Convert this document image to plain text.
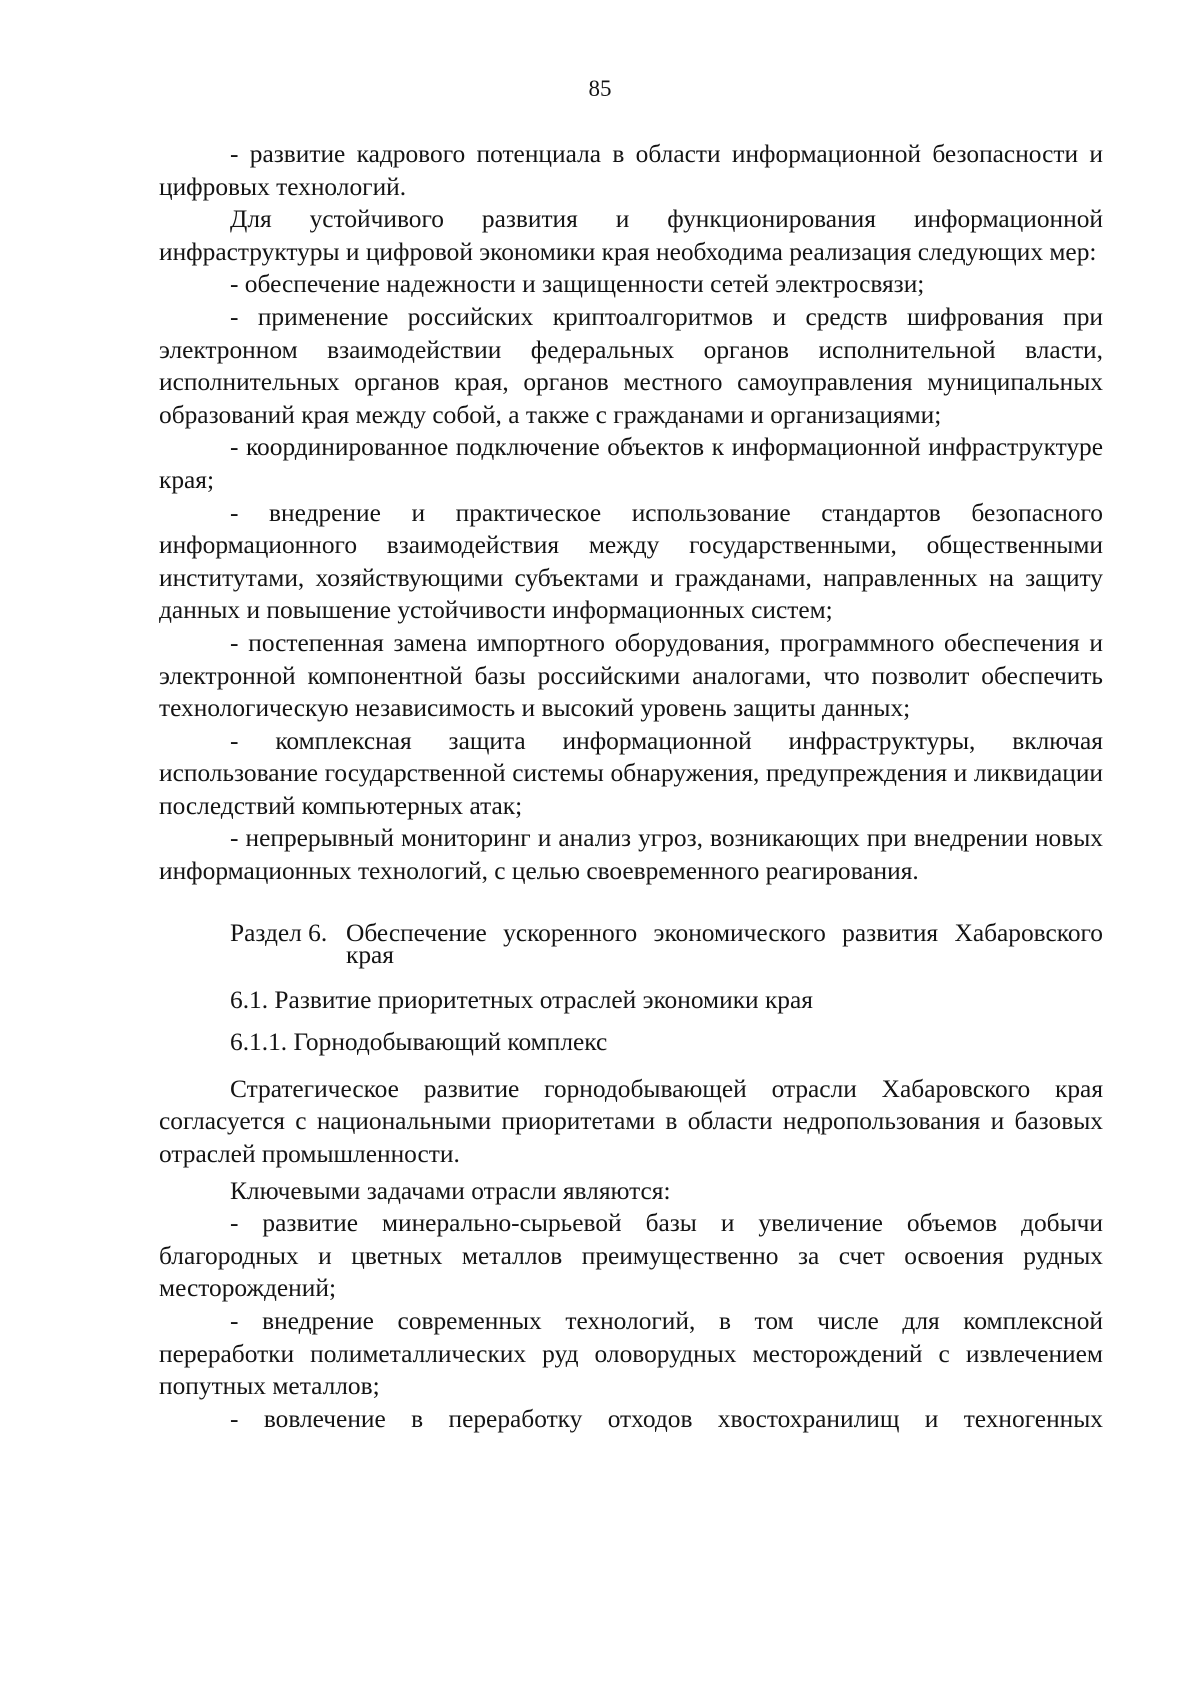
85

- развитие кадрового потенциала в области информационной безопасности и цифровых технологий.

Для устойчивого развития и функционирования информационной инфраструктуры и цифровой экономики края необходима реализация следующих мер:

- обеспечение надежности и защищенности сетей электросвязи;

- применение российских криптоалгоритмов и средств шифрования при электронном взаимодействии федеральных органов исполнительной власти, исполнительных органов края, органов местного самоуправления муниципальных образований края между собой, а также с гражданами и организациями;

- координированное подключение объектов к информационной инфраструктуре края;

- внедрение и практическое использование стандартов безопасного информационного взаимодействия между государственными, общественными институтами, хозяйствующими субъектами и гражданами, направленных на защиту данных и повышение устойчивости информационных систем;

- постепенная замена импортного оборудования, программного обеспечения и электронной компонентной базы российскими аналогами, что позволит обеспечить технологическую независимость и высокий уровень защиты данных;

- комплексная защита информационной инфраструктуры, включая использование государственной системы обнаружения, предупреждения и ликвидации последствий компьютерных атак;

- непрерывный мониторинг и анализ угроз, возникающих при внедрении новых информационных технологий, с целью своевременного реагирования.

Раздел 6. Обеспечение ускоренного экономического развития Хабаровского края

6.1. Развитие приоритетных отраслей экономики края

6.1.1. Горнодобывающий комплекс

Стратегическое развитие горнодобывающей отрасли Хабаровского края согласуется с национальными приоритетами в области недропользования и базовых отраслей промышленности.

Ключевыми задачами отрасли являются:

- развитие минерально-сырьевой базы и увеличение объемов добычи благородных и цветных металлов преимущественно за счет освоения рудных месторождений;

- внедрение современных технологий, в том числе для комплексной переработки полиметаллических руд оловорудных месторождений с извлечением попутных металлов;

- вовлечение в переработку отходов хвостохранилищ и техногенных
